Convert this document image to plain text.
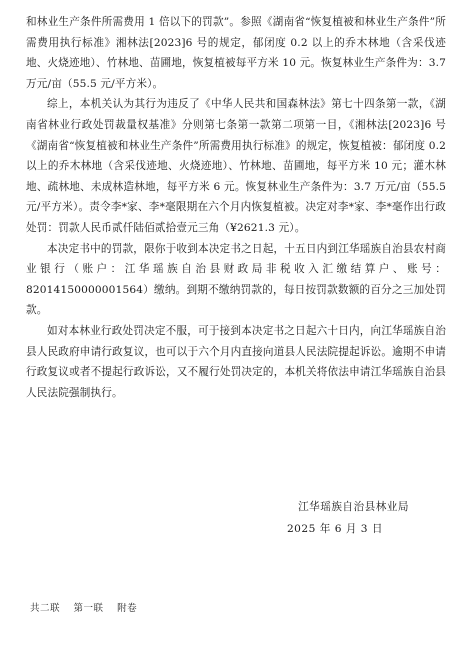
和林业生产条件所需费用 1 倍以下的罚款”。参照《湖南省“恢复植被和林业生产条件”所需费用执行标准》湘林法[2023]6 号的规定，郁闭度 0.2 以上的乔木林地（含采伐迹地、火烧迹地）、竹林地、苗圃地，恢复植被每平方米 10 元。恢复林业生产条件为：3.7 万元/亩（55.5 元/平方米）。

综上，本机关认为其行为违反了《中华人民共和国森林法》第七十四条第一款，《湖南省林业行政处罚裁量权基准》分则第七条第一款第二项第一目，《湘林法[2023]6 号《湖南省“恢复植被和林业生产条件”所需费用执行标准》的规定，恢复植被：郁闭度 0.2 以上的乔木林地（含采伐迹地、火烧迹地）、竹林地、苗圃地，每平方米 10 元；灌木林地、疏林地、未成林造林地，每平方米 6 元。恢复林业生产条件为：3.7 万元/亩（55.5 元/平方米）。责令李*家、李*毫限期在六个月内恢复植被。决定对李*家、李*毫作出行政处罚：罚款人民币贰仟陆佰贰拾壹元三角（¥2621.3 元）。

本决定书中的罚款，限你于收到本决定书之日起，十五日内到江华瑶族自治县农村商业银行（账户：江华瑶族自治县财政局非税收入汇缴结算户、账号：82014150000001564）缴纳。到期不缴纳罚款的，每日按罚款数额的百分之三加处罚款。

如对本林业行政处罚决定不服，可于接到本决定书之日起六十日内，向江华瑶族自治县人民政府申请行政复议，也可以于六个月内直接向道县人民法院提起诉讼。逾期不申请行政复议或者不提起行政诉讼，又不履行处罚决定的，本机关将依法申请江华瑶族自治县人民法院强制执行。

江华瑶族自治县林业局
2025 年 6 月 3 日
共二联 第一联 附卷
